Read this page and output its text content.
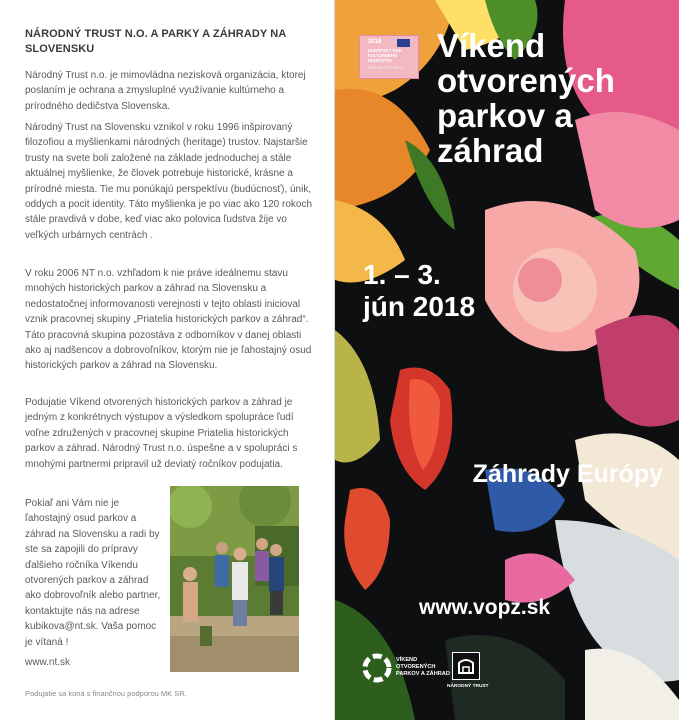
NÁRODNÝ TRUST N.O. A PARKY A ZÁHRADY NA SLOVENSKU

Národný Trust n.o. je mimovládna nezisková organizácia, ktorej poslaním je ochrana a zmysluplné využívanie kultúrneho a prírodného dedičstva Slovenska.

Národný Trust na Slovensku vznikol v roku 1996 inšpirovaný filozofiou a myšlienkami národných (heritage) trustov. Najstaršie trusty na svete boli založené na základe jednoduchej a stále aktuálnej myšlienke, že človek potrebuje historické, krásne a prírodné miesta. Tie mu ponúkajú perspektívu (budúcnosť), únik, oddych a pocit identity. Táto myšlienka je po viac ako 120 rokoch stále pravdivá v dobe, keď viac ako polovica ľudstva žije vo veľkých urbárnych centrách .

V roku 2006 NT n.o. vzhľadom k nie práve ideálnemu stavu mnohých historických parkov a záhrad na Slovensku a nedostatočnej informovanosti verejnosti v tejto oblasti inicioval vznik pracovnej skupiny „Priatelia historických parkov a záhrad“. Táto pracovná skupina pozostáva z odborníkov v danej oblasti ako aj nadšencov a dobrovoľníkov, ktorým nie je ľahostajný osud historických parkov a záhrad na Slovensku.

Podujatie Víkend otvorených historických parkov a záhrad je jedným z konkrétnych výstupov a výsledkom spolupráce ľudí voľne združených v pracovnej skupine Priatelia historických parkov a záhrad. Národný Trust n.o. úspešne a v spolupráci s mnohými partnermi pripravil už deviatý ročníkov podujatia.

Pokiaľ ani Vám nie je ľahostajný osud parkov a záhrad na Slovensku a radi by ste sa zapojili do prípravy ďalšieho ročníka Víkendu otvorených parkov a záhrad ako dobrovoľník alebo partner, kontaktujte nás na adrese kubikova@nt.sk. Vaša pomoc je vítaná !

www.nt.sk
Podujatie sa koná s finančnou podporou MK SR.
2018
EURÓPSKY ROK
KULTÚRNEHO
DEDIČSTVA
#EuropeForCulture
Víkend otvorených parkov a záhrad
1. – 3. jún 2018
Záhrady Európy
www.vopz.sk
VÍKEND
OTVORENÝCH
PARKOV A ZÁHRAD
NÁRODNÝ TRUST
